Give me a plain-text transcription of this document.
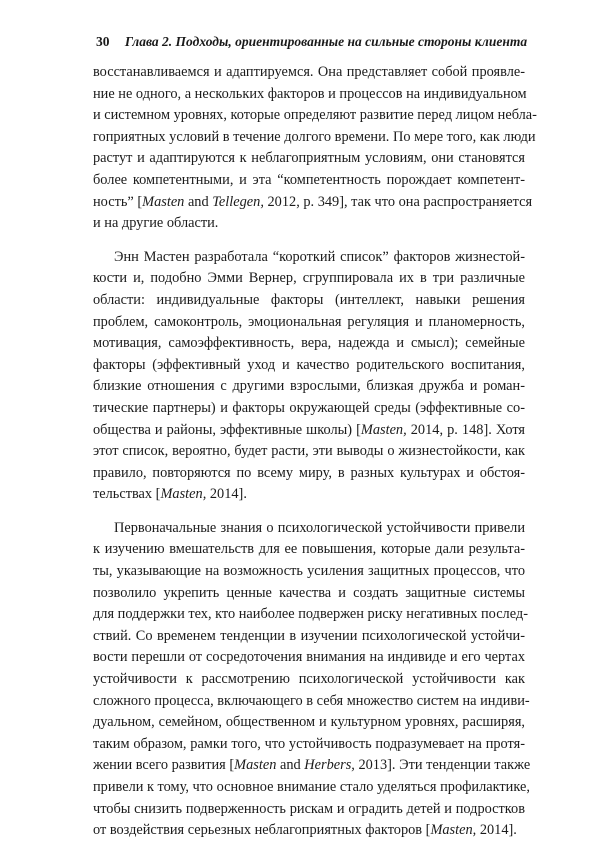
30 Глава 2. Подходы, ориентированные на сильные стороны клиента
восстанавливаемся и адаптируемся. Она представляет собой проявле-
ние не одного, а нескольких факторов и процессов на индивидуальном
и системном уровнях, которые определяют развитие перед лицом небла-
гоприятных условий в течение долгого времени. По мере того, как люди
растут и адаптируются к неблагоприятным условиям, они становятся
более компетентными, и эта “компетентность порождает компетент-
ность” [Masten and Tellegen, 2012, p. 349], так что она распространяется
и на другие области.
Энн Мастен разработала “короткий список” факторов жизнестой-
кости и, подобно Эмми Вернер, сгруппировала их в три различные
области: индивидуальные факторы (интеллект, навыки решения
проблем, самоконтроль, эмоциональная регуляция и планомерность,
мотивация, самоэффективность, вера, надежда и смысл); семейные
факторы (эффективный уход и качество родительского воспитания,
близкие отношения с другими взрослыми, близкая дружба и роман-
тические партнеры) и факторы окружающей среды (эффективные со-
общества и районы, эффективные школы) [Masten, 2014, p. 148]. Хотя
этот список, вероятно, будет расти, эти выводы о жизнестойкости, как
правило, повторяются по всему миру, в разных культурах и обстоя-
тельствах [Masten, 2014].
Первоначальные знания о психологической устойчивости привели
к изучению вмешательств для ее повышения, которые дали результа-
ты, указывающие на возможность усиления защитных процессов, что
позволило укрепить ценные качества и создать защитные системы
для поддержки тех, кто наиболее подвержен риску негативных послед-
ствий. Со временем тенденции в изучении психологической устойчи-
вости перешли от сосредоточения внимания на индивиде и его чертах
устойчивости к рассмотрению психологической устойчивости как
сложного процесса, включающего в себя множество систем на индиви-
дуальном, семейном, общественном и культурном уровнях, расширяя,
таким образом, рамки того, что устойчивость подразумевает на протя-
жении всего развития [Masten and Herbers, 2013]. Эти тенденции также
привели к тому, что основное внимание стало уделяться профилактике,
чтобы снизить подверженность рискам и оградить детей и подростков
от воздействия серьезных неблагоприятных факторов [Masten, 2014].
